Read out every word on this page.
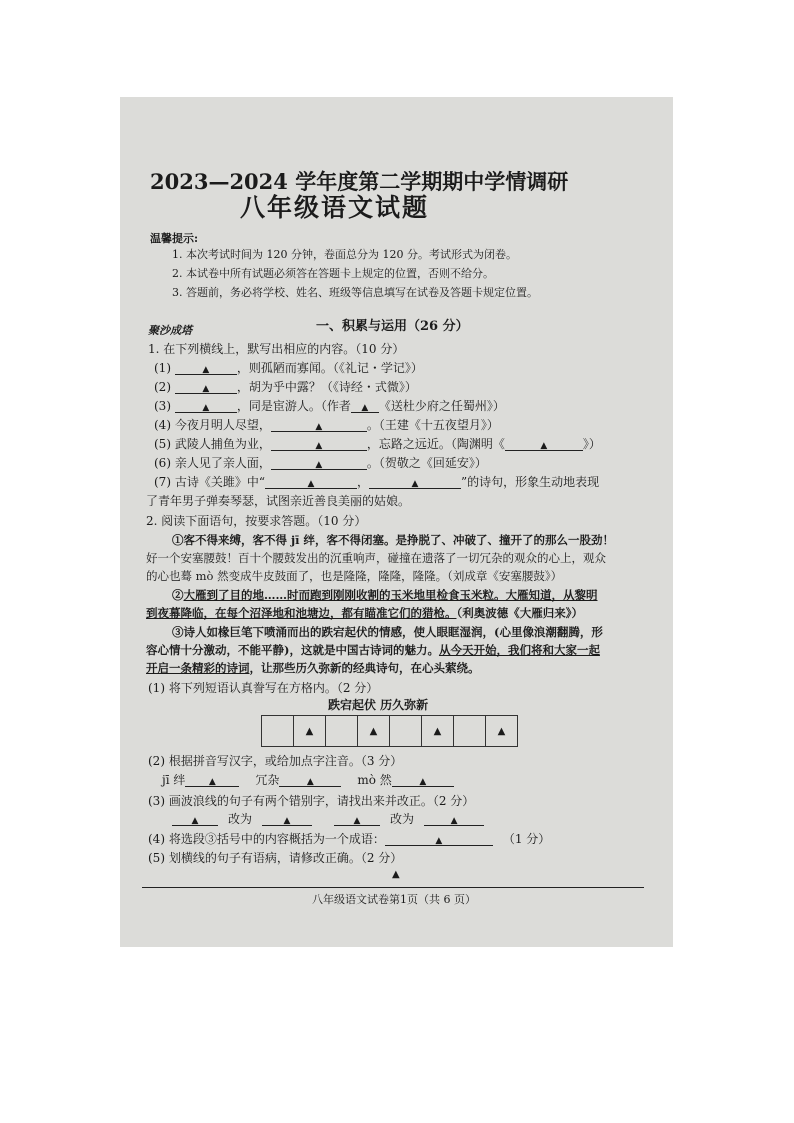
2023—2024 学年度第二学期期中学情调研
八年级语文试题
温馨提示:
1. 本次考试时间为 120 分钟，卷面总分为 120 分。考试形式为闭卷。
2. 本试卷中所有试题必须答在答题卡上规定的位置，否则不给分。
3. 答题前，务必将学校、姓名、班级等信息填写在试卷及答题卡规定位置。
聚沙成塔	一、积累与运用（26 分）
1. 在下列横线上，默写出相应的内容。（10 分）
(1)	▲ ，则孤陋而寡闻。（《礼记・学记》）
(2)	▲ ，胡为乎中露？（《诗经・式微》）
(3)	▲ ，同是宦游人。（作者 ▲ 《送杜少府之任蜀州》）
(4) 今夜月明人尽望，	▲	。（王建《十五夜望月》）
(5) 武陵人捕鱼为业，	▲	，忘路之远近。（陶渊明《	▲	》）
(6) 亲人见了亲人面，	▲	。（贺敬之《回延安》）
(7) 古诗《关雎》中“	▲	，	▲	”的诗句，形象生动地表现
了青年男子弹奏琴瑟，试图亲近善良美丽的姑娘。
2. 阅读下面语句，按要求答题。（10 分）
①客不得来缚，客不得 jī 绊，客不得闭塞。是挣脱了、冲破了、撞开了的那么一股劲！
好一个安塞腰鼓！百十个腰鼓发出的沉重响声，碰撞在遗落了一切冗杂的观众的心上，观众
的心也蓦 mò 然变成牛皮鼓面了，也是隆隆，隆隆，隆隆。（刘成章《安塞腰鼓》）
②大雁到了目的地……时而跑到刚刚收割的玉米地里检食玉米粒。大雁知道，从黎明
到夜幕降临，在每个沼泽地和池塘边，都有瞄准它们的猎枪。（利奥波德《大雁归来》）
③诗人如椽巨笔下喷涌而出的跌宕起伏的情感，使人眼眶湿润，(心里像浪潮翻腾，形
容心情十分激动，不能平静)，这就是中国古诗词的魅力。从今天开始，我们将和大家一起
开启一条精彩的诗词，让那些历久弥新的经典诗句，在心头萦绕。
(1) 将下列短语认真誊写在方格内。（2 分）
跌宕起伏 历久弥新
▲	▲	▲	▲
(2) 根据拼音写汉字，或给加点字注音。（3 分）
jī 绊	▲	冗杂	▲	mò 然	▲
(3) 画波浪线的句子有两个错别字，请找出来并改正。（2 分）
▲ 改为	▲	▲ 改为	▲
(4) 将选段③括号中的内容概括为一个成语：	▲	（1 分）
(5) 划横线的句子有语病，请修改正确。（2 分）
▲
八年级语文试卷第1页（共 6 页）
